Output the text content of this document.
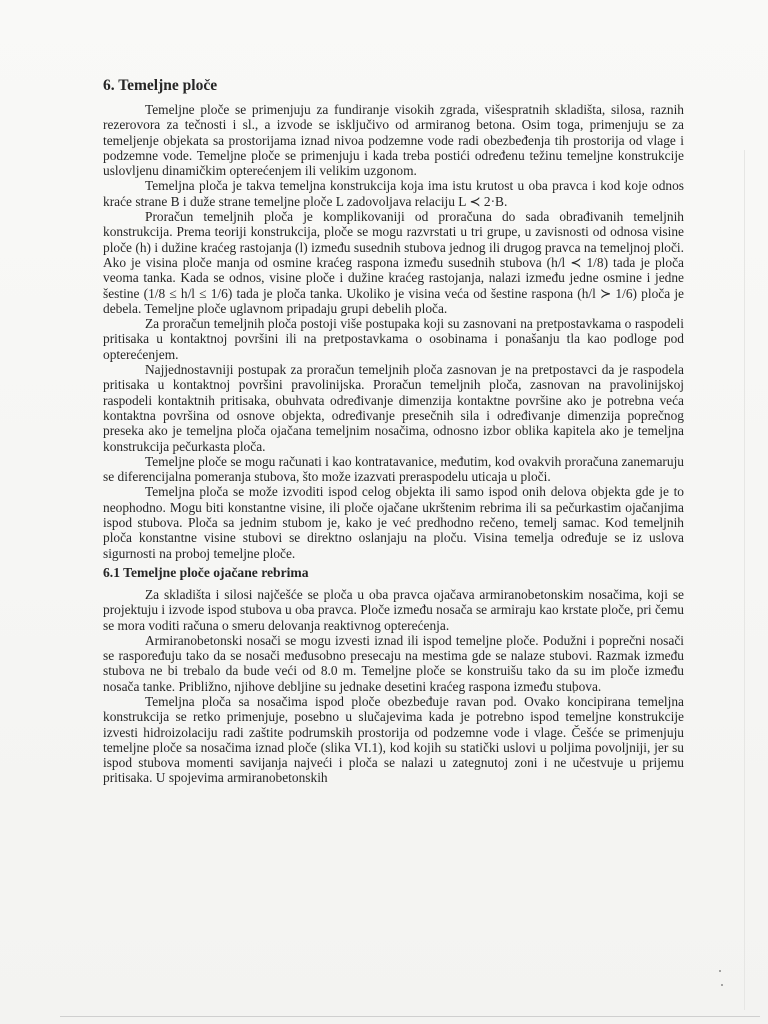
6. Temeljne ploče

Temeljne ploče se primenjuju za fundiranje visokih zgrada, višespratnih skladišta, silosa, raznih rezerovora za tečnosti i sl., a izvode se isključivo od armiranog betona. Osim toga, primenjuju se za temeljenje objekata sa prostorijama iznad nivoa podzemne vode radi obezbeđenja tih prostorija od vlage i podzemne vode. Temeljne ploče se primenjuju i kada treba postići određenu težinu temeljne konstrukcije uslovljenu dinamičkim opterećenjem ili velikim uzgonom.

Temeljna ploča je takva temeljna konstrukcija koja ima istu krutost u oba pravca i kod koje odnos kraće strane B i duže strane temeljne ploče L zadovoljava relaciju L ≺ 2·B.

Proračun temeljnih ploča je komplikovaniji od proračuna do sada obrađivanih temeljnih konstrukcija. Prema teoriji konstrukcija, ploče se mogu razvrstati u tri grupe, u zavisnosti od odnosa visine ploče (h) i dužine kraćeg rastojanja (l) između susednih stubova jednog ili drugog pravca na temeljnoj ploči. Ako je visina ploče manja od osmine kraćeg raspona između susednih stubova (h/l ≺ 1/8) tada je ploča veoma tanka. Kada se odnos, visine ploče i dužine kraćeg rastojanja, nalazi između jedne osmine i jedne šestine (1/8 ≤ h/l ≤ 1/6) tada je ploča tanka. Ukoliko je visina veća od šestine raspona (h/l ≻ 1/6) ploča je debela. Temeljne ploče uglavnom pripadaju grupi debelih ploča.

Za proračun temeljnih ploča postoji više postupaka koji su zasnovani na pretpostavkama o raspodeli pritisaka u kontaktnoj površini ili na pretpostavkama o osobinama i ponašanju tla kao podloge pod opterećenjem.

Najjednostavniji postupak za proračun temeljnih ploča zasnovan je na pretpostavci da je raspodela pritisaka u kontaktnoj površini pravolinijska. Proračun temeljnih ploča, zasnovan na pravolinijskoj raspodeli kontaktnih pritisaka, obuhvata određivanje dimenzija kontaktne površine ako je potrebna veća kontaktna površina od osnove objekta, određivanje presečnih sila i određivanje dimenzija poprečnog preseka ako je temeljna ploča ojačana temeljnim nosačima, odnosno izbor oblika kapitela ako je temeljna konstrukcija pečurkasta ploča.

Temeljne ploče se mogu računati i kao kontratavanice, međutim, kod ovakvih proračuna zanemaruju se diferencijalna pomeranja stubova, što može izazvati preraspodelu uticaja u ploči.

Temeljna ploča se može izvoditi ispod celog objekta ili samo ispod onih delova objekta gde je to neophodno. Mogu biti konstantne visine, ili ploče ojačane ukrštenim rebrima ili sa pečurkastim ojačanjima ispod stubova. Ploča sa jednim stubom je, kako je već predhodno rečeno, temelj samac. Kod temeljnih ploča konstantne visine stubovi se direktno oslanjaju na ploču. Visina temelja određuje se iz uslova sigurnosti na proboj temeljne ploče.

6.1 Temeljne ploče ojačane rebrima

Za skladišta i silosi najčešće se ploča u oba pravca ojačava armiranobetonskim nosačima, koji se projektuju i izvode ispod stubova u oba pravca. Ploče između nosača se armiraju kao krstate ploče, pri čemu se mora voditi računa o smeru delovanja reaktivnog opterećenja.

Armiranobetonski nosači se mogu izvesti iznad ili ispod temeljne ploče. Podužni i poprečni nosači se raspoređuju tako da se nosači međusobno presecaju na mestima gde se nalaze stubovi. Razmak između stubova ne bi trebalo da bude veći od 8.0 m. Temeljne ploče se konstruišu tako da su im ploče između nosača tanke. Približno, njihove debljine su jednake desetini kraćeg raspona između stubova.

Temeljna ploča sa nosačima ispod ploče obezbeđuje ravan pod. Ovako koncipirana temeljna konstrukcija se retko primenjuje, posebno u slučajevima kada je potrebno ispod temeljne konstrukcije izvesti hidroizolaciju radi zaštite podrumskih prostorija od podzemne vode i vlage. Češće se primenjuju temeljne ploče sa nosačima iznad ploče (slika VI.1), kod kojih su statički uslovi u poljima povoljniji, jer su ispod stubova momenti savijanja najveći i ploča se nalazi u zategnutoj zoni i ne učestvuje u prijemu pritisaka. U spojevima armiranobetonskih
